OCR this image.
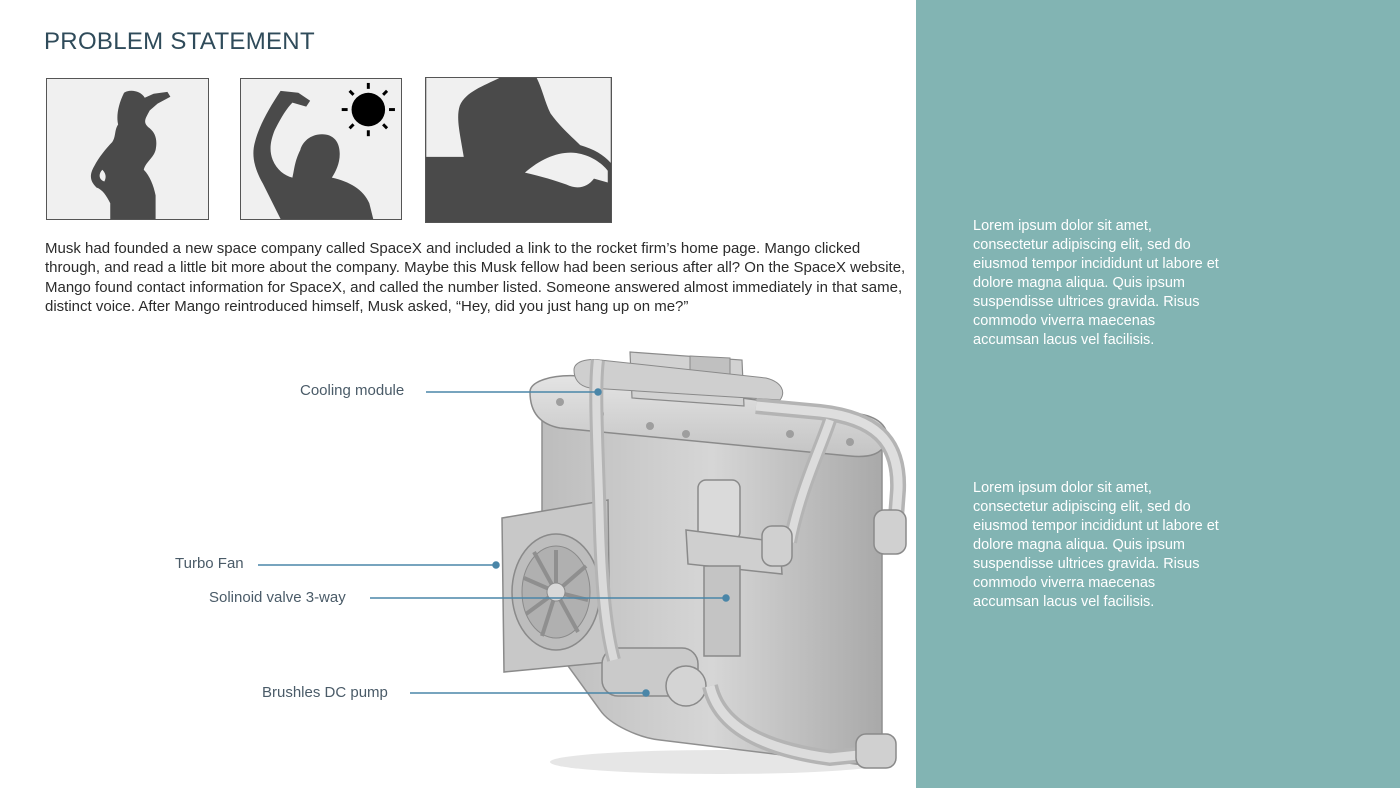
PROBLEM STATEMENT

Musk had founded a new space company called SpaceX and included a link to the rocket firm’s home page. Mango clicked through, and read a little bit more about the company. Maybe this Musk fellow had been serious after all? On the SpaceX website, Mango found contact information for SpaceX, and called the number listed. Someone answered almost immediately in that same, distinct voice. After Mango reintroduced himself, Musk asked, “Hey, did you just hang up on me?”

Cooling module
Turbo Fan
Solinoid valve 3-way
Brushles DC pump

Lorem ipsum dolor sit amet, consectetur adipiscing elit, sed do eiusmod tempor incididunt ut labore et dolore magna aliqua. Quis ipsum suspendisse ultrices gravida. Risus commodo viverra maecenas accumsan lacus vel facilisis.

Lorem ipsum dolor sit amet, consectetur adipiscing elit, sed do eiusmod tempor incididunt ut labore et dolore magna aliqua. Quis ipsum suspendisse ultrices gravida. Risus commodo viverra maecenas accumsan lacus vel facilisis.
